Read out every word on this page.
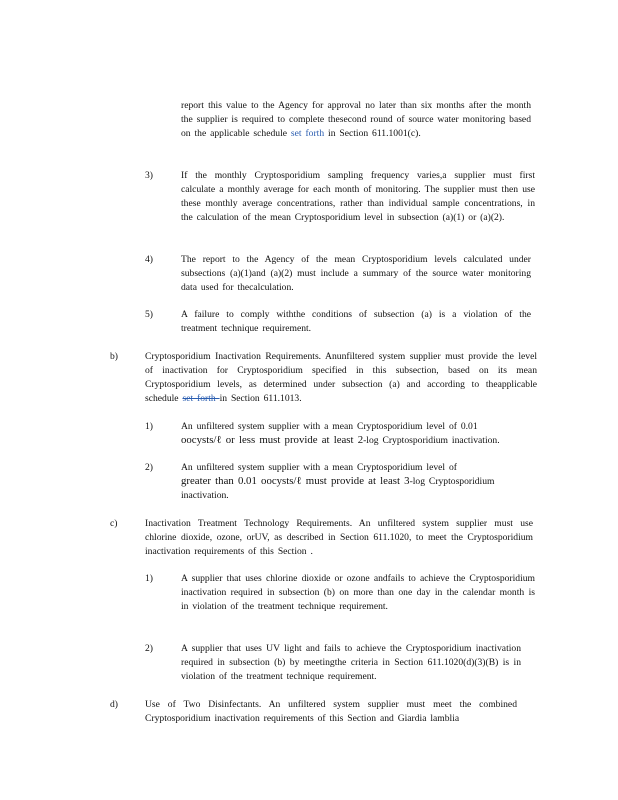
report this value to the Agency for approval no later than six months after the month the supplier is required to complete thesecond round of source water monitoring based on the applicable schedule set forth in Section 611.1001(c).
3)	If the monthly Cryptosporidium sampling frequency varies,a supplier must first calculate a monthly average for each month of monitoring. The supplier must then use these monthly average concentrations, rather than individual sample concentrations, in the calculation of the mean Cryptosporidium level in subsection (a)(1) or (a)(2).
4)	The report to the Agency of the mean Cryptosporidium levels calculated under subsections (a)(1)and (a)(2) must include a summary of the source water monitoring data used for thecalculation.
5)	A failure to comply withthe conditions of subsection (a) is a violation of the treatment technique requirement.
b)	Cryptosporidium Inactivation Requirements. Anunfiltered system supplier must provide the level of inactivation for Cryptosporidium specified in this subsection, based on its mean Cryptosporidium levels, as determined under subsection (a) and according to theapplicable schedule set forth in Section 611.1013.
1)	An unfiltered system supplier with a mean Cryptosporidium level of 0.01
oocysts/ℓ or less must provide at least 2-log Cryptosporidium inactivation.
2)	An unfiltered system supplier with a mean Cryptosporidium level of
greater than 0.01 oocysts/ℓ must provide at least 3-log Cryptosporidium
inactivation.
c)	Inactivation Treatment Technology Requirements. An unfiltered system supplier must use chlorine dioxide, ozone, orUV, as described in Section 611.1020, to meet the Cryptosporidium inactivation requirements of this Section .
1)	A supplier that uses chlorine dioxide or ozone andfails to achieve the Cryptosporidium inactivation required in subsection (b) on more than one day in the calendar month is in violation of the treatment technique requirement.
2)	A supplier that uses UV light and fails to achieve the Cryptosporidium inactivation required in subsection (b) by meetingthe criteria in Section 611.1020(d)(3)(B) is in violation of the treatment technique requirement.
d)	Use of Two Disinfectants. An unfiltered system supplier must meet the combined Cryptosporidium inactivation requirements of this Section and Giardia lamblia
